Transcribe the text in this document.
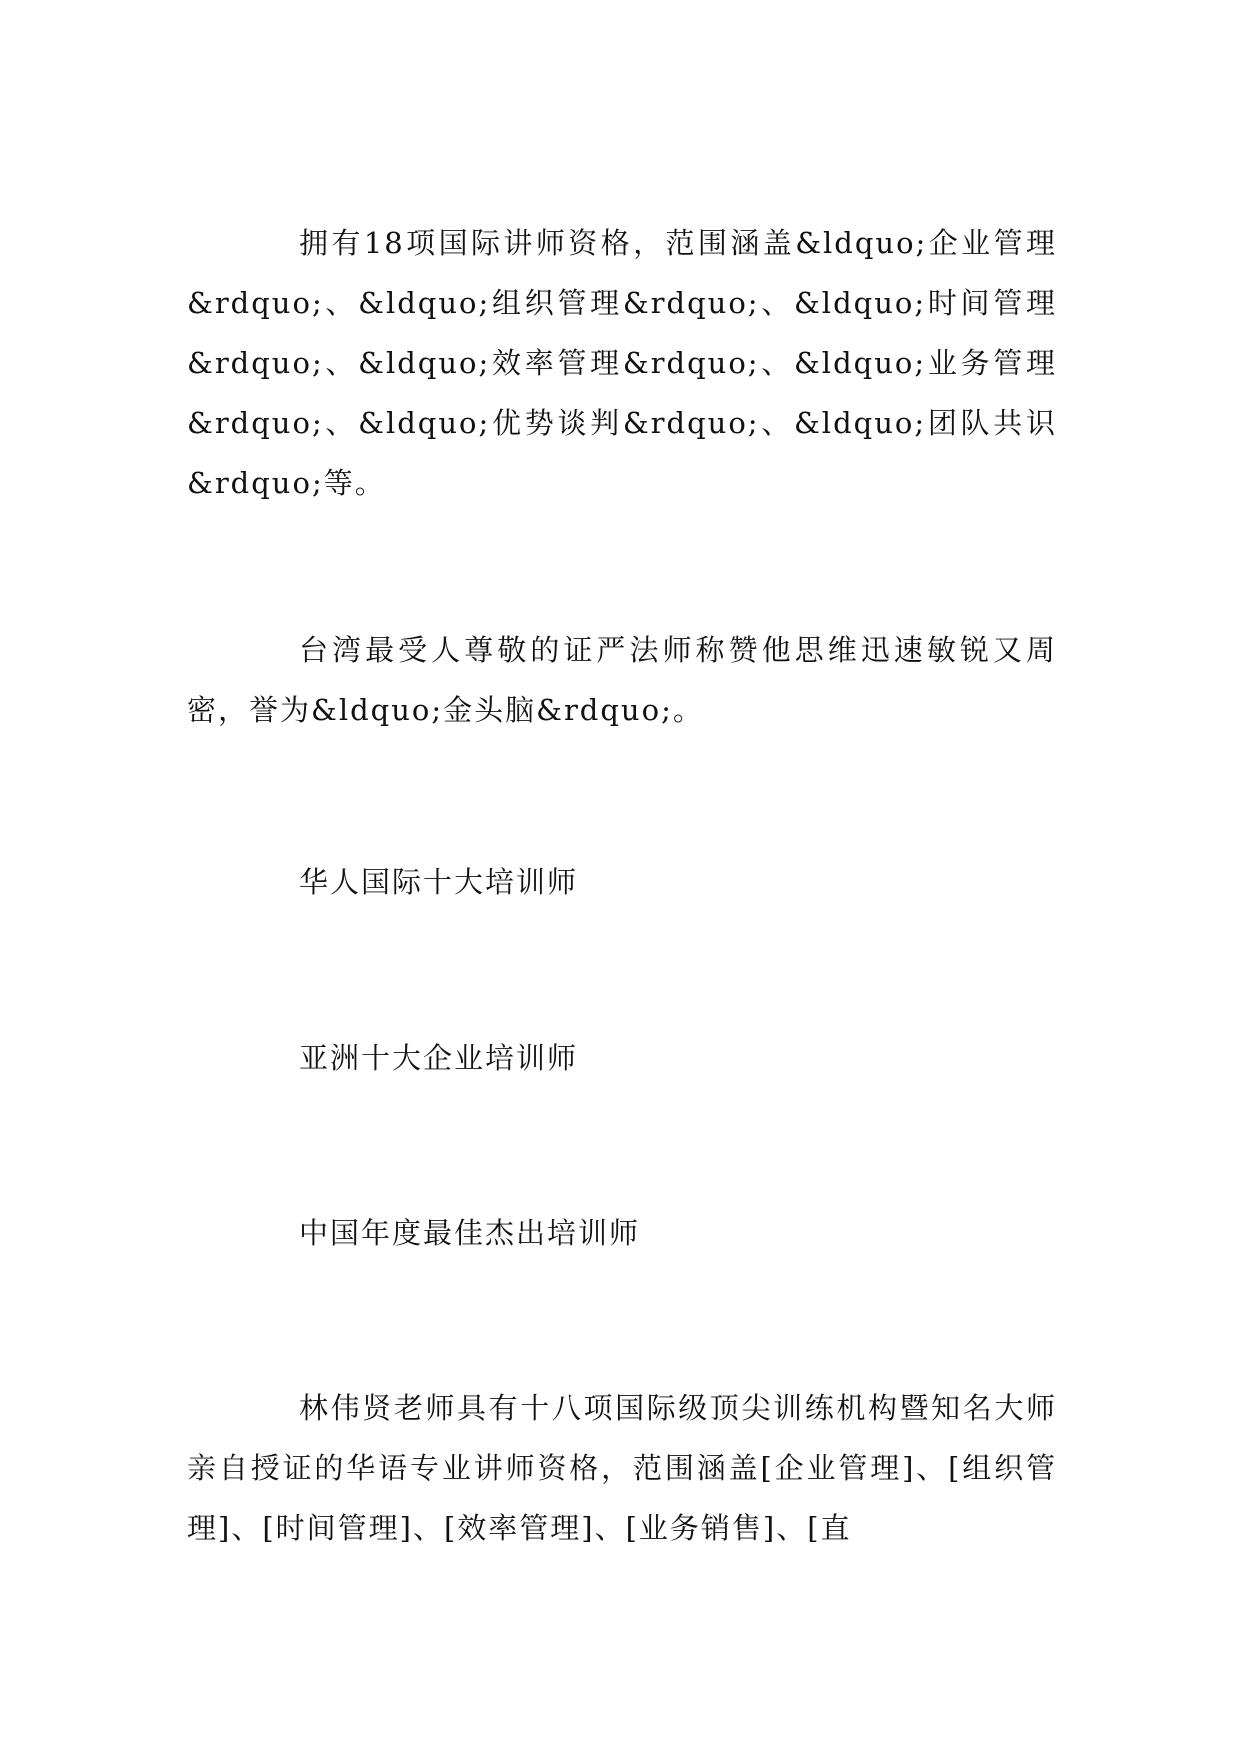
拥有18项国际讲师资格，范围涵盖&ldquo;企业管理&rdquo;、&ldquo;组织管理&rdquo;、&ldquo;时间管理&rdquo;、&ldquo;效率管理&rdquo;、&ldquo;业务管理&rdquo;、&ldquo;优势谈判&rdquo;、&ldquo;团队共识&rdquo;等。

台湾最受人尊敬的证严法师称赞他思维迅速敏锐又周密，誉为&ldquo;金头脑&rdquo;。

华人国际十大培训师

亚洲十大企业培训师

中国年度最佳杰出培训师

林伟贤老师具有十八项国际级顶尖训练机构暨知名大师亲自授证的华语专业讲师资格，范围涵盖[企业管理]、[组织管理]、[时间管理]、[效率管理]、[业务销售]、[直
